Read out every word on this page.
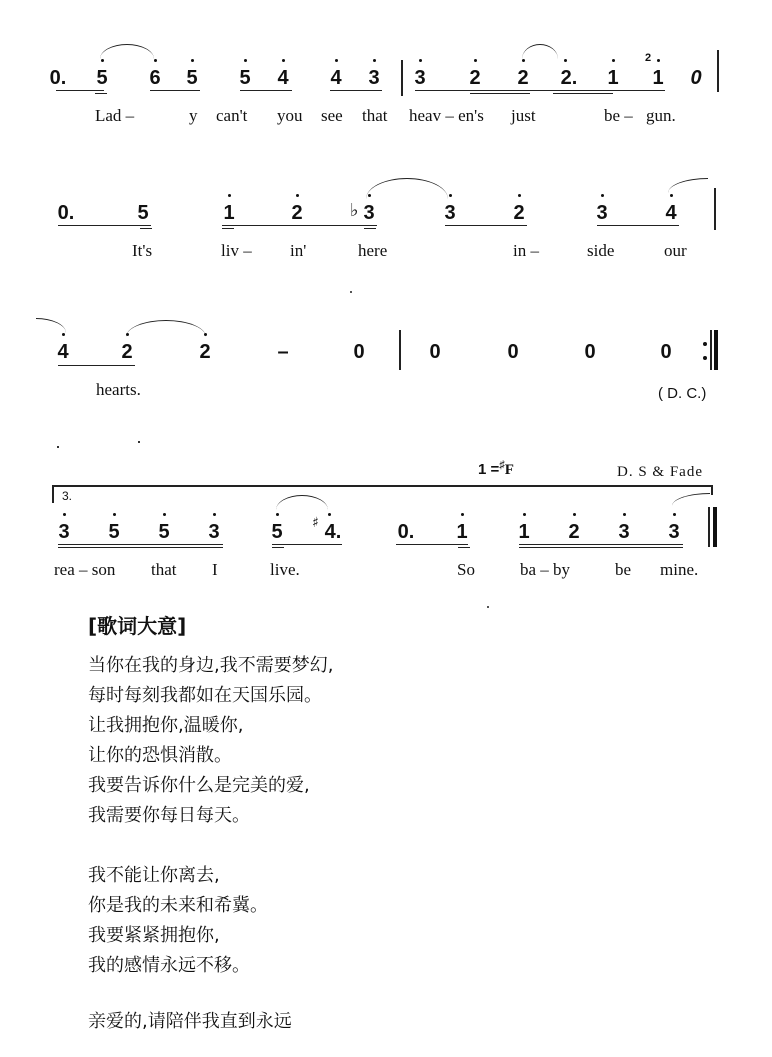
0. 5 6 5 5 4 4 3 3 2 2 2. 1
2
1 0
Lad –	y can't you see that heav – en's just	be – gun.
0.	5	1	2	♭ 3	3	2	3	4
It's	liv – in'	here	in –	side	our
4	2	2	–	0	0	0	0	0
hearts.	( D. C.)
1 =♯F	D. S & Fade
3.
3 5 5 3	5	♯ 4.	0. 1	1 2 3 3
rea – son that I	live.	So	ba – by	be mine.
[歌词大意]
当你在我的身边,我不需要梦幻,
每时每刻我都如在天国乐园。
让我拥抱你,温暖你,
让你的恐惧消散。
我要告诉你什么是完美的爱,
我需要你每日每天。
我不能让你离去,
你是我的未来和希冀。
我要紧紧拥抱你,
我的感情永远不移。
亲爱的,请陪伴我直到永远
